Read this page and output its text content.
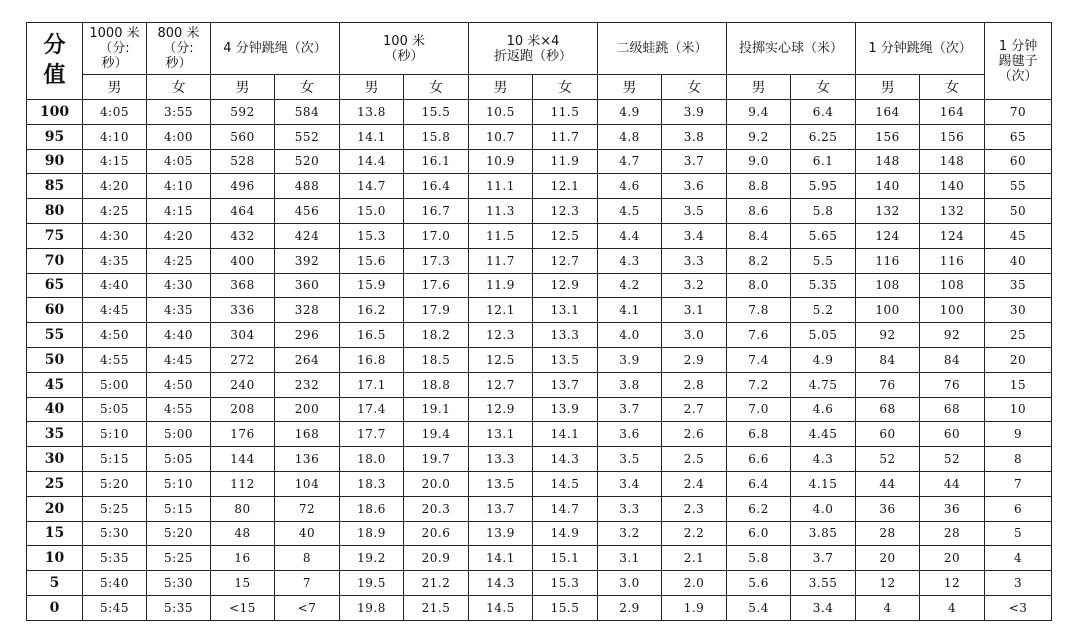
分
值	1000 米
（分:
秒）	800 米
（分:
秒）	4 分钟跳绳（次）		100 米
（秒）		10 米×4
折返跑（秒）		二级蛙跳（米）		投掷实心球（米）		1 分钟跳绳（次）		1 分钟
踢毽子
（次）
	男	女	男	女	男	女	男	女	男	女	男	女	男	女	
100	4:05	3:55	592	584	13.8	15.5	10.5	11.5	4.9	3.9	9.4	6.4	164	164	70
95	4:10	4:00	560	552	14.1	15.8	10.7	11.7	4.8	3.8	9.2	6.25	156	156	65
90	4:15	4:05	528	520	14.4	16.1	10.9	11.9	4.7	3.7	9.0	6.1	148	148	60
85	4:20	4:10	496	488	14.7	16.4	11.1	12.1	4.6	3.6	8.8	5.95	140	140	55
80	4:25	4:15	464	456	15.0	16.7	11.3	12.3	4.5	3.5	8.6	5.8	132	132	50
75	4:30	4:20	432	424	15.3	17.0	11.5	12.5	4.4	3.4	8.4	5.65	124	124	45
70	4:35	4:25	400	392	15.6	17.3	11.7	12.7	4.3	3.3	8.2	5.5	116	116	40
65	4:40	4:30	368	360	15.9	17.6	11.9	12.9	4.2	3.2	8.0	5.35	108	108	35
60	4:45	4:35	336	328	16.2	17.9	12.1	13.1	4.1	3.1	7.8	5.2	100	100	30
55	4:50	4:40	304	296	16.5	18.2	12.3	13.3	4.0	3.0	7.6	5.05	92	92	25
50	4:55	4:45	272	264	16.8	18.5	12.5	13.5	3.9	2.9	7.4	4.9	84	84	20
45	5:00	4:50	240	232	17.1	18.8	12.7	13.7	3.8	2.8	7.2	4.75	76	76	15
40	5:05	4:55	208	200	17.4	19.1	12.9	13.9	3.7	2.7	7.0	4.6	68	68	10
35	5:10	5:00	176	168	17.7	19.4	13.1	14.1	3.6	2.6	6.8	4.45	60	60	9
30	5:15	5:05	144	136	18.0	19.7	13.3	14.3	3.5	2.5	6.6	4.3	52	52	8
25	5:20	5:10	112	104	18.3	20.0	13.5	14.5	3.4	2.4	6.4	4.15	44	44	7
20	5:25	5:15	80	72	18.6	20.3	13.7	14.7	3.3	2.3	6.2	4.0	36	36	6
15	5:30	5:20	48	40	18.9	20.6	13.9	14.9	3.2	2.2	6.0	3.85	28	28	5
10	5:35	5:25	16	8	19.2	20.9	14.1	15.1	3.1	2.1	5.8	3.7	20	20	4
5	5:40	5:30	15	7	19.5	21.2	14.3	15.3	3.0	2.0	5.6	3.55	12	12	3
0	5:45	5:35	<15	<7	19.8	21.5	14.5	15.5	2.9	1.9	5.4	3.4	4	4	<3
